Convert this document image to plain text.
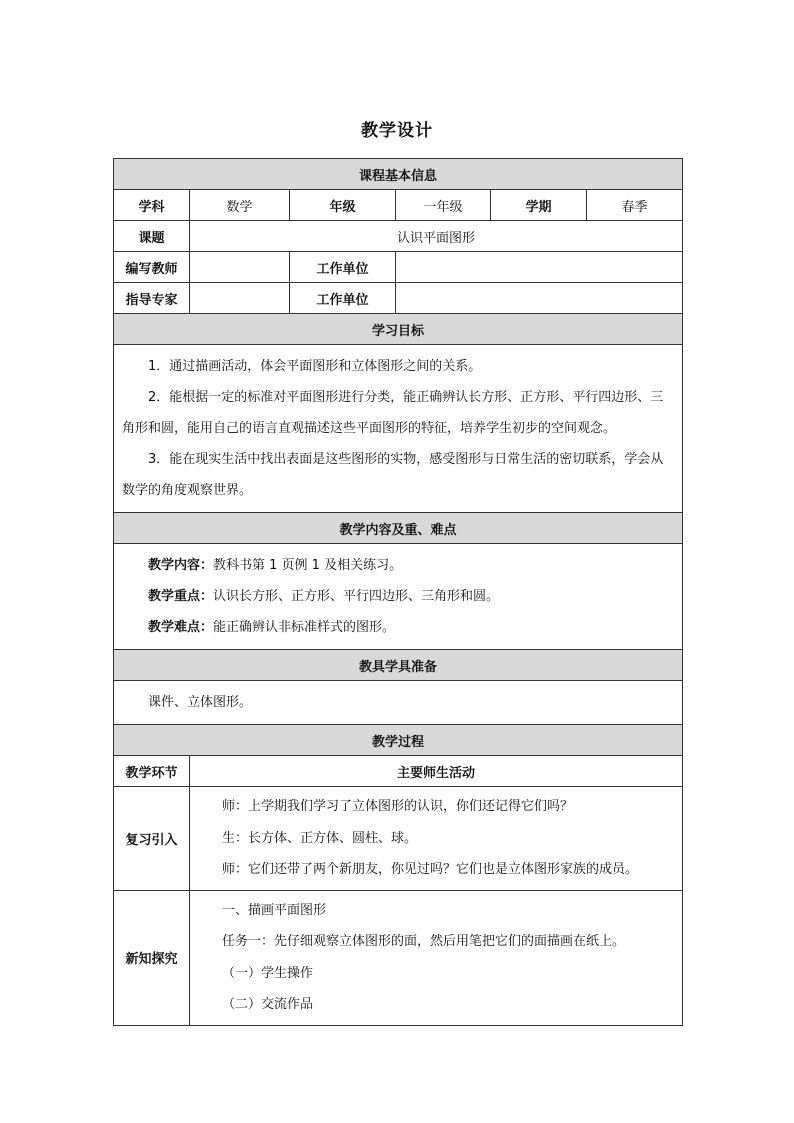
教学设计
课程基本信息					
学科	数学	年级	一年级	学期	春季
课题	认识平面图形				
编写教师		工作单位			
指导专家		工作单位			
学习目标					

1．通过描画活动，体会平面图形和立体图形之间的关系。

2．能根据一定的标准对平面图形进行分类，能正确辨认长方形、正方形、平行四边形、三角形和圆，能用自己的语言直观描述这些平面图形的特征，培养学生初步的空间观念。

3．能在现实生活中找出表面是这些图形的实物，感受图形与日常生活的密切联系，学会从数学的角度观察世界。					

教学内容及重、难点					

教学内容：教科书第 1 页例 1 及相关练习。

教学重点：认识长方形、正方形、平行四边形、三角形和圆。

教学难点：能正确辨认非标准样式的图形。					

教具学具准备					

课件、立体图形。					

教学过程					
教学环节	主要师生活动				
复习引入	师：上学期我们学习了立体图形的认识，你们还记得它们吗？

生：长方体、正方体、圆柱、球。

师：它们还带了两个新朋友，你见过吗？它们也是立体图形家族的成员。				

新知探究	一、描画平面图形

任务一：先仔细观察立体图形的面，然后用笔把它们的面描画在纸上。

（一）学生操作

（二）交流作品				
